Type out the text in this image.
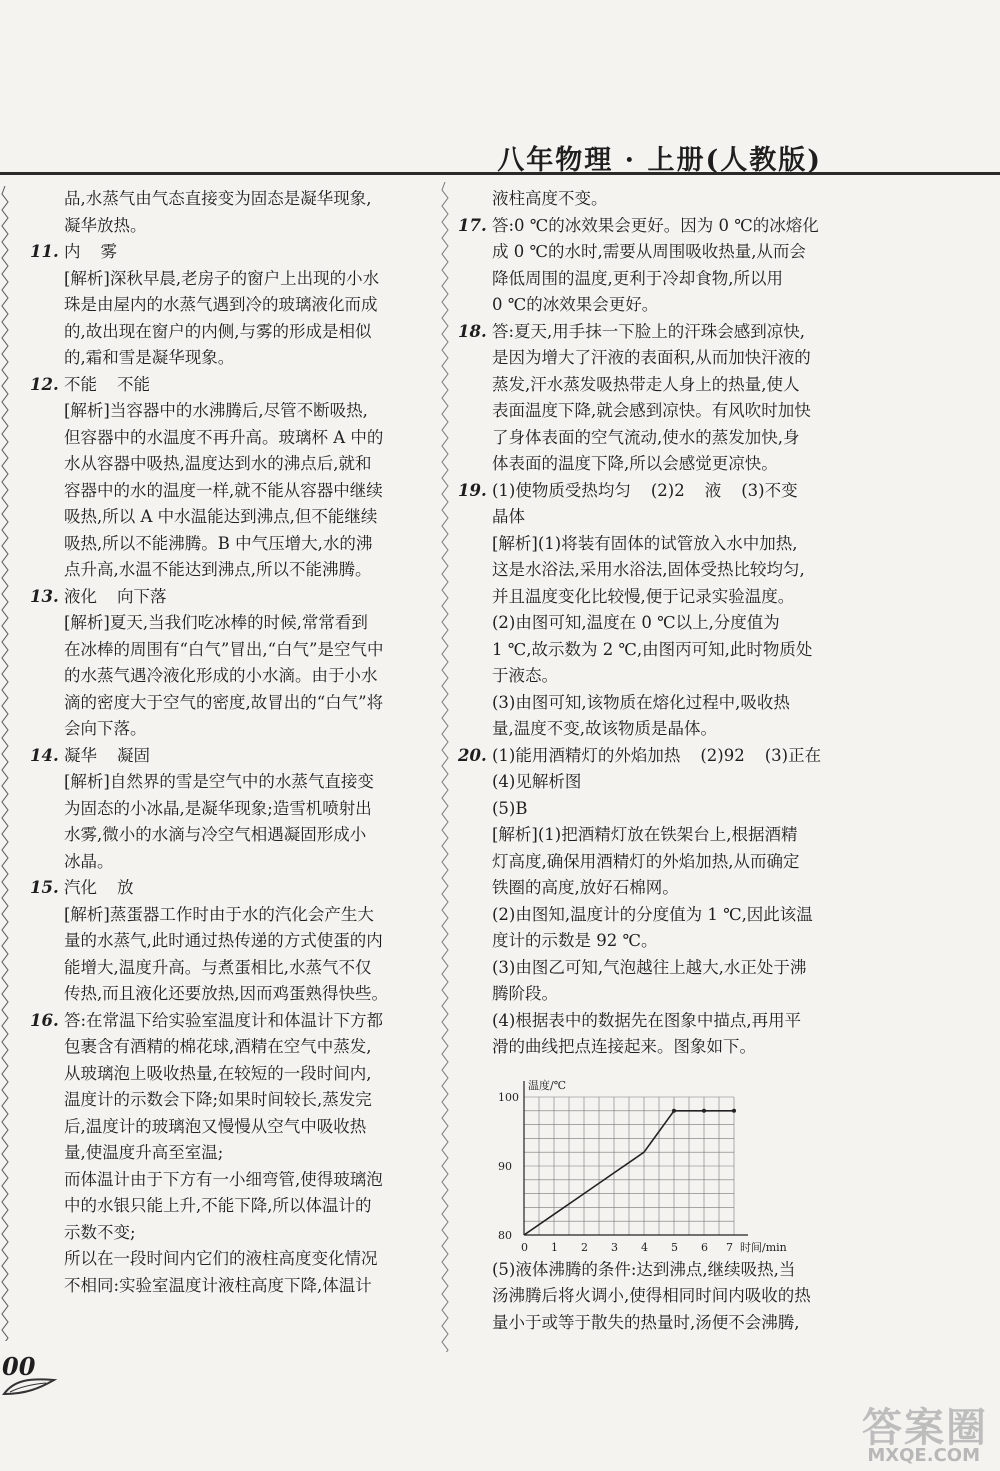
八年物理 · 上册(人教版)
品,水蒸气由气态直接变为固态是凝华现象,
凝华放热。
11. 内 雾
[解析]深秋早晨,老房子的窗户上出现的小水
珠是由屋内的水蒸气遇到冷的玻璃液化而成
的,故出现在窗户的内侧,与雾的形成是相似
的,霜和雪是凝华现象。
12. 不能 不能
[解析]当容器中的水沸腾后,尽管不断吸热,
但容器中的水温度不再升高。玻璃杯 A 中的
水从容器中吸热,温度达到水的沸点后,就和
容器中的水的温度一样,就不能从容器中继续
吸热,所以 A 中水温能达到沸点,但不能继续
吸热,所以不能沸腾。B 中气压增大,水的沸
点升高,水温不能达到沸点,所以不能沸腾。
13. 液化 向下落
[解析]夏天,当我们吃冰棒的时候,常常看到
在冰棒的周围有“白气”冒出,“白气”是空气中
的水蒸气遇冷液化形成的小水滴。由于小水
滴的密度大于空气的密度,故冒出的“白气”将
会向下落。
14. 凝华 凝固
[解析]自然界的雪是空气中的水蒸气直接变
为固态的小冰晶,是凝华现象;造雪机喷射出
水雾,微小的水滴与冷空气相遇凝固形成小
冰晶。
15. 汽化 放
[解析]蒸蛋器工作时由于水的汽化会产生大
量的水蒸气,此时通过热传递的方式使蛋的内
能增大,温度升高。与煮蛋相比,水蒸气不仅
传热,而且液化还要放热,因而鸡蛋熟得快些。
16. 答:在常温下给实验室温度计和体温计下方都
包裹含有酒精的棉花球,酒精在空气中蒸发,
从玻璃泡上吸收热量,在较短的一段时间内,
温度计的示数会下降;如果时间较长,蒸发完
后,温度计的玻璃泡又慢慢从空气中吸收热
量,使温度升高至室温;
而体温计由于下方有一小细弯管,使得玻璃泡
中的水银只能上升,不能下降,所以体温计的
示数不变;
所以在一段时间内它们的液柱高度变化情况
不相同:实验室温度计液柱高度下降,体温计
液柱高度不变。
17. 答:0 ℃的冰效果会更好。因为 0 ℃的冰熔化
成 0 ℃的水时,需要从周围吸收热量,从而会
降低周围的温度,更利于冷却食物,所以用
0 ℃的冰效果会更好。
18. 答:夏天,用手抹一下脸上的汗珠会感到凉快,
是因为增大了汗液的表面积,从而加快汗液的
蒸发,汗水蒸发吸热带走人身上的热量,使人
表面温度下降,就会感到凉快。有风吹时加快
了身体表面的空气流动,使水的蒸发加快,身
体表面的温度下降,所以会感觉更凉快。
19. (1)使物质受热均匀 (2)2 液 (3)不变
晶体
[解析](1)将装有固体的试管放入水中加热,
这是水浴法,采用水浴法,固体受热比较均匀,
并且温度变化比较慢,便于记录实验温度。
(2)由图可知,温度在 0 ℃以上,分度值为
1 ℃,故示数为 2 ℃,由图丙可知,此时物质处
于液态。
(3)由图可知,该物质在熔化过程中,吸收热
量,温度不变,故该物质是晶体。
20. (1)能用酒精灯的外焰加热 (2)92 (3)正在
(4)见解析图
(5)B
[解析](1)把酒精灯放在铁架台上,根据酒精
灯高度,确保用酒精灯的外焰加热,从而确定
铁圈的高度,放好石棉网。
(2)由图知,温度计的分度值为 1 ℃,因此该温
度计的示数是 92 ℃。
(3)由图乙可知,气泡越往上越大,水正处于沸
腾阶段。
(4)根据表中的数据先在图象中描点,再用平
滑的曲线把点连接起来。图象如下。
温度/℃
时间/min
0 1 2 3 4 5 6 7
80
90
100
(5)液体沸腾的条件:达到沸点,继续吸热,当
汤沸腾后将火调小,使得相同时间内吸收的热
量小于或等于散失的热量时,汤便不会沸腾,
00
答案圈
MXQE.COM
